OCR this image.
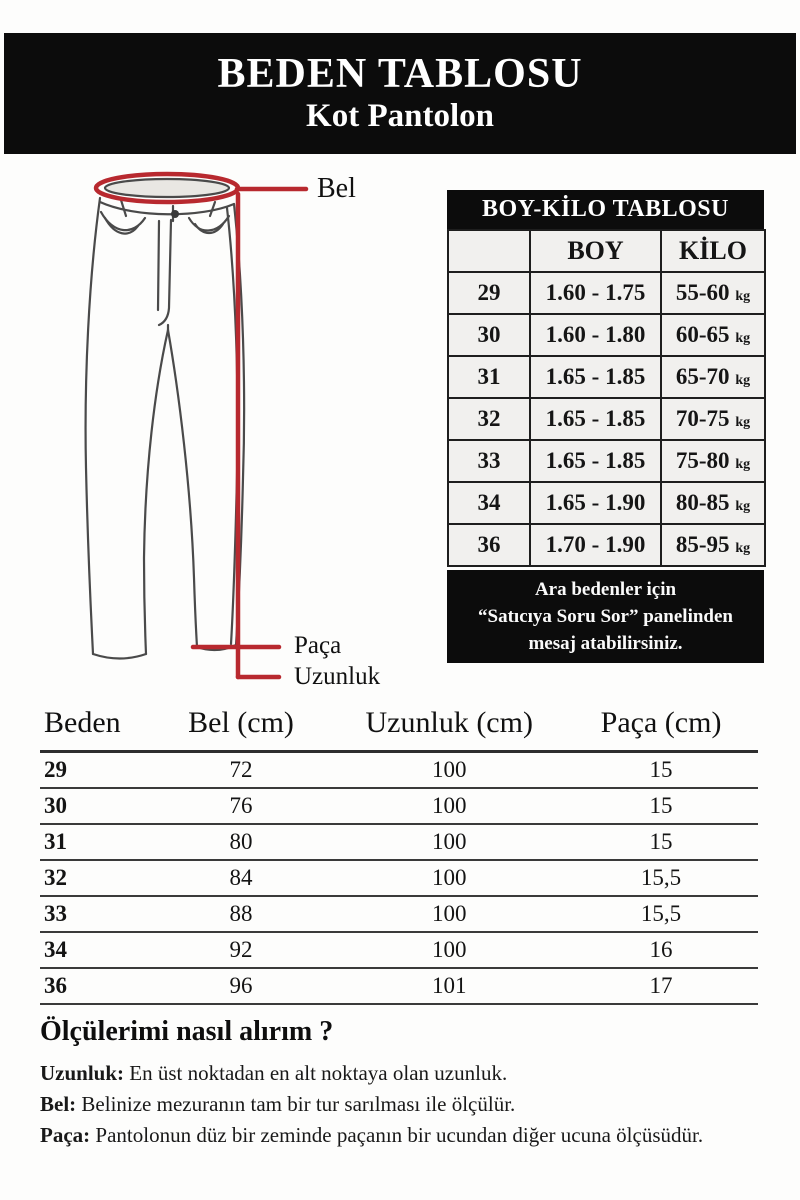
BEDEN TABLOSU
Kot Pantolon
Bel
Paça
Uzunluk
BOY-KİLO TABLOSU
	BOY	KİLO
29	1.60 - 1.75	55-60 kg
30	1.60 - 1.80	60-65 kg
31	1.65 - 1.85	65-70 kg
32	1.65 - 1.85	70-75 kg
33	1.65 - 1.85	75-80 kg
34	1.65 - 1.90	80-85 kg
36	1.70 - 1.90	85-95 kg
Ara bedenler için
“Satıcıya Soru Sor” panelinden
mesaj atabilirsiniz.
Beden	Bel (cm)	Uzunluk (cm)	Paça (cm)
29	72	100	15
30	76	100	15
31	80	100	15
32	84	100	15,5
33	88	100	15,5
34	92	100	16
36	96	101	17
Ölçülerimi nasıl alırım ?
Uzunluk: En üst noktadan en alt noktaya olan uzunluk.
Bel: Belinize mezuranın tam bir tur sarılması ile ölçülür.
Paça: Pantolonun düz bir zeminde paçanın bir ucundan diğer ucuna ölçüsüdür.
